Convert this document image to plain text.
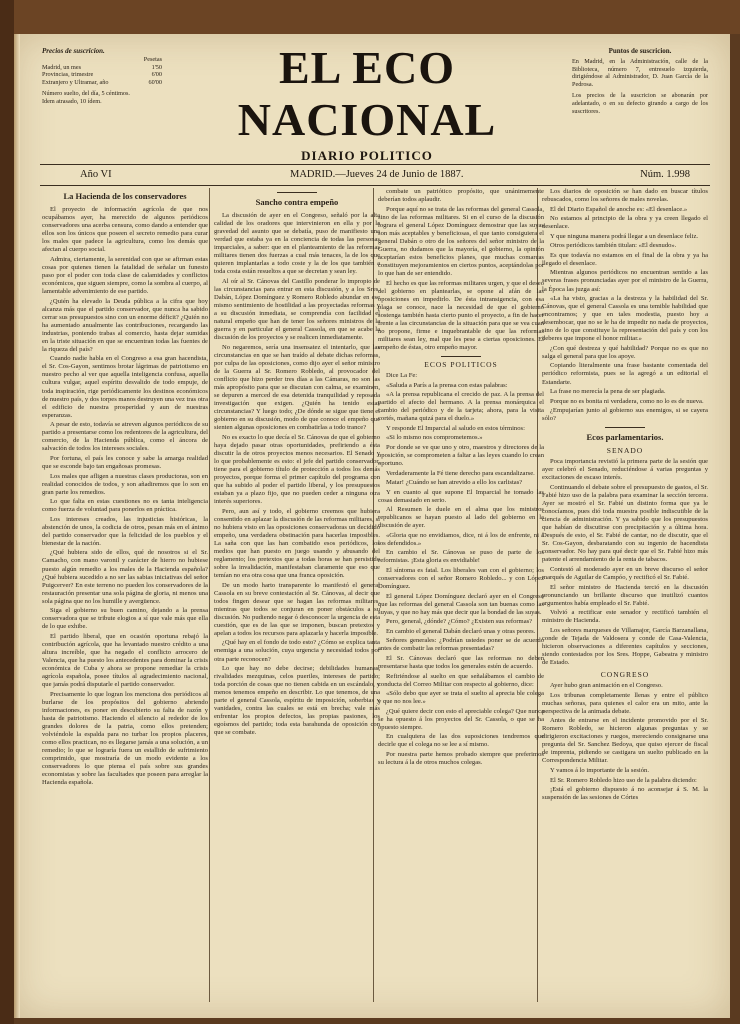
Precios de suscricion.
Pesetas
Madrid, un mes	1'50
Provincias, trimestre	6'00
Extranjero y Ultramar, año	60'00
Número suelto, del día, 5 céntimos.
Idem atrasado, 10 ídem.
EL ECO NACIONAL
DIARIO POLITICO
Puntos de suscricion.
En Madrid, en la Administración, calle de la Biblioteca, número 7, entresuelo izquierda, dirigiéndose al Administrador, D. Juan García de la Pedrosa.
Los precios de la suscricion se abonarán por adelantado, o en su defecto girando a cargo de los suscritores.
Año VI	MADRID.—Jueves 24 de Junio de 1887.	Núm. 1.998
La Hacienda de los conservadores

El proyecto de información agrícola de que nos ocupábamos ayer, ha merecido de algunos periódicos conservadores una acerba censura, como dando a entender que ellos son los únicos que poseen el secreto remedio para curar los males que padece la agricultura, como los demás que afectan al cuerpo social.

Admira, ciertamente, la serenidad con que se afirman estas cosas por quienes tienen la fatalidad de señalar un funesto paso por el poder con toda clase de calamidades y conflictos económicos, que siguen siempre, como la sombra al cuerpo, al lamentable advenimiento de ese partido.

¿Quién ha elevado la Deuda pública a la cifra que hoy alcanza más que el partido conservador, que nunca ha sabido cerrar sus presupuestos sino con un enorme déficit? ¿Quién no ha aumentado anualmente las contribuciones, recargando las industrias, poniendo trabas al comercio, hasta dejar sumidas en la triste situación en que se encuentran todas las fuentes de la riqueza del país?

Cuando nadie habla en el Congreso a esa gran hacendista, el Sr. Cos-Gayon, sentimos brotar lágrimas de patriotismo en nuestro pecho al ver que aquella inteligencia confusa, aquella cultura vulgar, aquel espíritu desvalido de todo empuje, de toda inspiración, rige periódicamente los destinos económicos de nuestro país, y dos torpes manos destruyen una vez tras otra el edificio de nuestra prosperidad y aun de nuestras esperanzas.

A pesar de esto, todavía se atreven algunos periódicos de su partido a presentarse como los redentores de la agricultura, del comercio, de la Hacienda pública, como el áncora de salvación de todos los intereses sociales.

Por fortuna, el país les conoce y sabe la amarga realidad que se esconde bajo tan engañosas promesas.

Los males que afligen a nuestras clases productoras, son en realidad conocidos de todos, y son añadiremos que lo son en gran parte los remedios.

Lo que falta en estas cuestiones no es tanta inteligencia como fuerza de voluntad para ponerlos en práctica.

Los intereses creados, las injusticias históricas, la abstención de unos, la codicia de otros, pesan más en el ánimo del partido conservador que la felicidad de los pueblos y el bienestar de la nación.

¿Qué hubiera sido de ellos, qué de nosotros si el Sr. Camacho, con mano varonil y carácter de hierro no hubiese puesto algún remedio a los males de la Hacienda española? ¿Qué hubiera sucedido a no ser las sabias iniciativas del señor Puigcerver? En este terreno no pueden los conservadores de la restauración presentar una sola página de gloria, ni menos una sola página que no los humille y avergüence.

Siga el gobierno su buen camino, dejando a la prensa conservadora que se tribute elogios a sí que vale más que ella de lo que exhibe.

El partido liberal, que en ocasión oportuna rebajó la contribución agrícola, que ha levantado nuestro crédito a una altura increíble, que ha negado el conflicto arrocero de Valencia, que ha puesto los antecedentes para dominar la crisis económica de Cuba y ahora se propone remediar la crisis agrícola española, posee títulos al agradecimiento nacional, que jamás podrá disputarle el partido conservador.

Precisamente lo que logran los menciona dos periódicos al burlarse de los propósitos del gobierno abriendo informaciones, es poner en descubierto su falta de razón y hasta de patriotismo. Haciendo el silencio al rededor de los grandes dolores de la patria, como ellos pretenden; volviéndole la espalda para no turbar los propios placeres, como ellos practican, no es llegarse jamás a una solución, a un remedio; lo que se lograría fuera un estallido de sufrimiento comprimido, que mostraría de un modo evidente a los conservadores lo que piensa el país sobre sus grandes economistas y sobre las facultades que poseen para arreglar la Hacienda española.

Sancho contra empeño

La discusión de ayer en el Congreso, señaló por la alta calidad de los oradores que intervinieron en ella y por la gravedad del asunto que se debatía, puso de manifiesto una verdad que estaba ya en la conciencia de todas las personas imparciales, a saber: que en el planteamiento de las reformas militares tienen dos fuerzas a cual más tenaces, la de los que quieren implantarlas a todo coste y la de los que también a toda costa están resueltos a que se decretan y sean ley.

Al oír al Sr. Cánovas del Castillo ponderar lo impropio de las circunstancias para entrar en esta discusión, y a los Sres. Dabán, López Domínguez y Romero Robledo abundar en ese mismo sentimiento de hostilidad a las proyectadas reformas y a su discusión inmediata, se comprendía con facilidad el natural empeño que han de tener los señores ministros de la guerra y en particular el general Cassola, en que se acabe la discusión de los proyectos y se realicen inmediatamente.

No negaremos, sería una insensatez el intentarlo, que las circunstancias en que se han traído al debate dichas reformas, por culpa de las oposiciones, como dijo ayer el señor ministro de la Guerra al Sr. Romero Robledo, al provocador del conflicto que hizo perder tres días a las Cámaras, no son las más apropósito para que se discutan con calma, se examinen, se depuren a merced de esa detenida tranquilidad y reposada investigación que exigen. ¿Quién ha tenido estas circunstancias? Y luego todo; ¿De dónde se sigue que tiene el gobierno en su discusión, modo de que conoce el empeño que sienten algunas oposiciones en combatirlas a todo trance?

No es exacto lo que decía el Sr. Cánovas de que el gobierno haya dejado pasar otras oportunidades, prefiriendo a ésta discutir la de otros proyectos menos necesarios. El Senado y lo que probablemente es esto: el jefe del partido conservador, tiene para el gobierno título de protección a todos los demás proyectos, porque forma el primer capítulo del programa con que ha subido al poder el partido liberal, y los presupuestos estaban ya a plazo fijo, que no pueden ceder a ninguna otra interés superiores.

Pero, aun así y todo, el gobierno creemos que hubiera consentido en aplazar la discusión de las reformas militares, si no hubiera visto en las oposiciones conservadoras un decidido empeño, una verdadera obstinación para hacerlas imposibles. La saña con que las han combatido esos periódicos, los medios que han puesto en juego usando y abusando del reglamento; los pretextos que a todas horas se han persistido sobre la invalidación, manifestaban claramente que eso que temían no era otra cosa que una franca oposición.

De un modo harto transparente lo manifestó el general Cassola en su breve contestación al Sr. Cánovas, al decir que todos fingen desear que se hagan las reformas militares, mientras que todos se conjuran en poner obstáculos a su discusión. No pudiendo negar ó desconocer la urgencia de esta cuestión, que es de las que se imponen, buscan pretextos y apelan a todos los recursos para aplazarla y hacerla imposible.

¿Qué hay en el fondo de todo esto? ¿Cómo se explica tanta enemiga a una solución, cuya urgencia y necesidad todos por otra parte reconocen?

Lo que hay no debe decirse; debilidades humanas, rivalidades mezquinas, celos pueriles, intereses de partido; toda porción de cosas que no tienen cabida en un escándalo, y menos tenemos empeño en describir. Lo que tenemos, de una parte el general Cassola, espíritu de imposición, soberbias y vanidades, contra las cuales se está en brecha; vale más enfrentar los propios defectos, las propias pasiones, los egoísmos del partido; toda esta barahunda de oposición con que se combate.

combate un patriótico propósito, que unánimemente deberían todos aplaudir.

Porque aquí no se trata de las reformas del general Cassola, sino de las reformas militares. Si en el curso de la discusión lograra el general López Domínguez demostrar que las suyas son más aceptables y beneficiosas, el que tanto consiguiera el general Dabán o otro de los señores del señor ministro de la Guerra, no dudamos que la mayoría, el gobierno, la opinión aceptarían estos beneficios planes, que muchas comarcas constituyen mejoramientos en ciertos puntos, aceptándolas por lo que han de ser entendido.

El hecho es que las reformas militares urgen, y que el deseo del gobierno en plantearlas, se opone al afán de las oposiciones en impedirlo. De ésta intransigencia, con esa plaga se conoce, nace la necesidad de que el gobierno sostenga también hasta cierto punto el proyecto, a fin de hacer frente a las circunstancias de la situación para que se vea cuan no propone, firme e inquebrantable de que las reformas militares sean ley, mal que les pese a ciertas oposiciones. El empeño de éstas, otro empeño mayor.

ECOS POLITICOS

Dice La Fe:

«Saluda a París a la prensa con estas palabras:

«A la prensa republicana el crecido de paz. A la prensa del partido el afecto del hermano. A la prensa monárquica el cambio del periódico y de la tarjeta; ahora, para la visita cortés, mañana quizá para el duelo.»

Y responde El Imparcial al saludo en estos términos:

«Si lo mismo nos comprometemos.»

Por donde se ve que uno y otro, maestros y directores de la oposición, se comprometen a faltar a las leyes cuando lo crean oportuno.

Verdaderamente la Fé tiene derecho para escandalizarse.

Matar! ¿Cuándo se han atrevido a ello los carlistas?

Y en cuanto al que supone El Imparcial he tomado las cosas demasiado en serio.

Al Resumen le duele en el alma que los ministros republicanos se hayan puesto al lado del gobierno en la discusión de ayer.

«Gloria que no envidiamos, dice, ni á los de enfrente, ni á los defendidos.»

En cambio el Sr. Cánovas se puso de parte de los reformistas. ¡Esta gloria es envidiable!

El síntoma es fatal. Los liberales van con el gobierno; los conservadores con el señor Romero Robledo... y con López Domínguez.

El general López Domínguez declaró ayer en el Congreso que las reformas del general Cassola son tan buenas como las suyas, y que no hay más que decir que la bondad de las suyas.

Pero, general, ¿dónde? ¿Cómo? ¿Existen sus reformas?

En cambio el general Dabán declaró unas y otras peores.

Señores generales: ¿Podrían ustedes poner se de acuerdo antes de combatir las reformas presentadas?

El Sr. Cánovas declaró que las reformas no deben presentarse hasta que todos los generales estén de acuerdo.

Refiriéndose al suelto en que señalábamos el cambio de conducta del Correo Militar con respecto al gobierno, dice:

«Sólo debo que ayer se trata el suelto al aprecia ble colega y que no nos lee.»

¿Qué quiere decir con esto el apreciable colega? Que nunca se ha opuesto á los proyectos del Sr. Cassola, o que se ha opuesto siempre.

En cualquiera de las dos suposiciones tendremos que decirle que el colega no se lee a sí mismo.

Por nuestra parte hemos probado siempre que preferimos su lectura á la de otros muchos colegas.

Los diarios de oposición se han dado en buscar títulos rebuscados, como los señores de males novelas.

El del Diario Español de anoche es: «El desenlace.»

No estamos al principio de la obra y ya creen llegado el desenlace.

Y que ninguna manera podrá llegar a un desenlace feliz.

Otros periódicos también titulan: «El desnudo».

Es que todavía no estamos en el final de la obra y ya ha llegado el desenlace.

Mientras algunos periódicos no encuentran sentido a las severas frases pronunciadas ayer por el ministro de la Guerra, la Época las juzga así:

«La ha visto, gracias a la destreza y la habilidad del Sr. Cánovas, que el general Cassola es una temible habilidad que encontramos; y que en tales modestia, puesto hoy a desembocar, que no se le ha de impedir no nada de proyectos, sino de lo que constituye la representación del país y con los deberes que impone el honor militar.»

¿Con qué destreza y qué habilidad? Porque no es que no salga el general para que los apoye.

Copiando literalmente una frase bastante comentada del periódico reformista, pues se la agregó a un editorial el Estandarte.

La frase no merecía la pena de ser plagiada.

Porque no es bonita ni verdadera, como no lo es de nueva.

¿Empujarían junto al gobierno sus enemigos, si se cayera sólo?

Ecos parlamentarios.
SENADO

Poca importancia revistió la primera parte de la sesión que ayer celebró el Senado, reduciéndose á varias preguntas y excitaciones de escaso interés.

Continuando el debate sobre el presupuesto de gastos, el Sr. Fabié hizo uso de la palabra para examinar la sección tercera. Ayer se mostró el Sr. Fabié un distinto forma que ya le conocíamos, pues dió toda muestra posible indiscutible de la ciencia de administración. Y ya sabido que los presupuestos que habían de discutirse con precipitación y a última hora. Después de esto, el Sr. Fabié de cantar, no de discutir, que el Sr. Cos-Gayon, desbaratando con su ingenio de hacendista conservador. No hay para qué decir que el Sr. Fabié hizo más patente el arrendamiento de la renta de tabacos.

Contestó al moderado ayer en un breve discurso el señor marqués de Aguilar de Campóo, y rectificó el Sr. Fabié.

El señor ministro de Hacienda terció en la discusión pronunciando un brillante discurso que inutilizó cuantos argumentos había empleado el Sr. Fabié.

Volvió a rectificar este senador y rectificó también el ministro de Hacienda.

Los señores marqueses de Villamajor, García Barzanallana, conde de Tejada de Valdosera y conde de Casa-Valencia, hicieron observaciones a diferentes capítulos y secciones, siendo contestados por los Sres. Hoppe, Gabeatra y ministro de Estado.

CONGRESO

Ayer hubo gran animación en el Congreso.

Los tribunas completamente llenas y entre el público muchas señoras, para quienes el calor era un mito, ante la perspectiva de la animada debate.

Antes de entrarse en el incidente promovido por el Sr. Romero Robledo, se hicieron algunas preguntas y se dirigieron excitaciones y ruegos, mereciendo consignarse una pregunta del Sr. Sanchez Bedoya, que quiso ejercer de fiscal de imprenta, pidiendo se castigara un suelto publicado en la Correspondencia Militar.

Y vamos á lo importante de la sesión.

El Sr. Romero Robledo hizo uso de la palabra diciendo:

¡Está el gobierno dispuesto á no aconsejar á S. M. la suspensión de las sesiones de Córtes
